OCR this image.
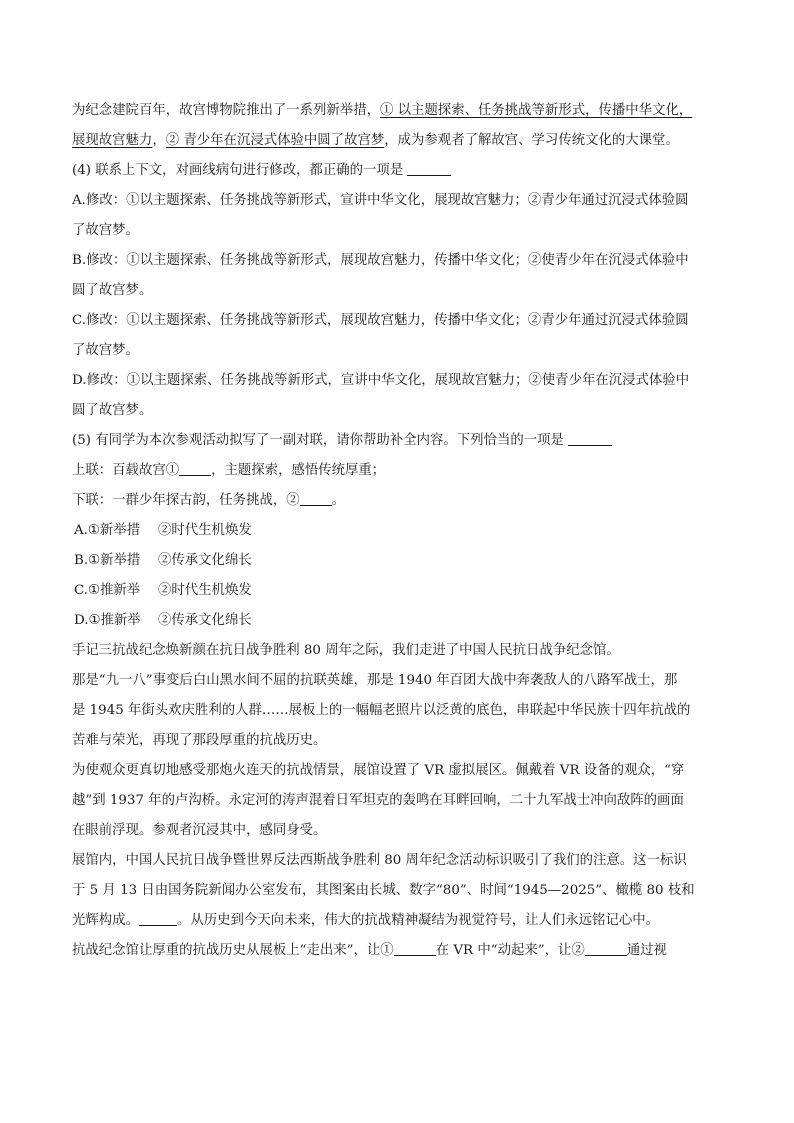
为纪念建院百年，故宫博物院推出了一系列新举措，① 以主题探索、任务挑战等新形式，传播中华文化，
展现故宫魅力，② 青少年在沉浸式体验中圆了故宫梦，成为参观者了解故宫、学习传统文化的大课堂。
(4) 联系上下文，对画线病句进行修改，都正确的一项是
A.修改：①以主题探索、任务挑战等新形式，宣讲中华文化，展现故宫魅力；②青少年通过沉浸式体验圆
了故宫梦。
B.修改：①以主题探索、任务挑战等新形式，展现故宫魅力，传播中华文化；②使青少年在沉浸式体验中
圆了故宫梦。
C.修改：①以主题探索、任务挑战等新形式，展现故宫魅力，传播中华文化；②青少年通过沉浸式体验圆
了故宫梦。
D.修改：①以主题探索、任务挑战等新形式，宣讲中华文化，展现故宫魅力；②使青少年在沉浸式体验中
圆了故宫梦。
(5) 有同学为本次参观活动拟写了一副对联，请你帮助补全内容。下列恰当的一项是
上联：百载故宫① ，主题探索，感悟传统厚重；
下联：一群少年探古韵，任务挑战，② 。
A.①新举措 ②时代生机焕发
B.①新举措 ②传承文化绵长
C.①推新举 ②时代生机焕发
D.①推新举 ②传承文化绵长
手记三抗战纪念焕新颜在抗日战争胜利 80 周年之际，我们走进了中国人民抗日战争纪念馆。
那是“九一八”事变后白山黑水间不屈的抗联英雄，那是 1940 年百团大战中奔袭敌人的八路军战士，那
是 1945 年街头欢庆胜利的人群……展板上的一幅幅老照片以泛黄的底色，串联起中华民族十四年抗战的
苦难与荣光，再现了那段厚重的抗战历史。
为使观众更真切地感受那炮火连天的抗战情景，展馆设置了 VR 虚拟展区。佩戴着 VR 设备的观众，“穿
越”到 1937 年的卢沟桥。永定河的涛声混着日军坦克的轰鸣在耳畔回响，二十九军战士冲向敌阵的画面
在眼前浮现。参观者沉浸其中，感同身受。
展馆内，中国人民抗日战争暨世界反法西斯战争胜利 80 周年纪念活动标识吸引了我们的注意。这一标识
于 5 月 13 日由国务院新闻办公室发布，其图案由长城、数字“80”、时间“1945—2025”、橄榄 80 枝和
光辉构成。	。从历史到今天向未来，伟大的抗战精神凝结为视觉符号，让人们永远铭记心中。
抗战纪念馆让厚重的抗战历史从展板上“走出来”，让①	在 VR 中“动起来”，让②	通过视
